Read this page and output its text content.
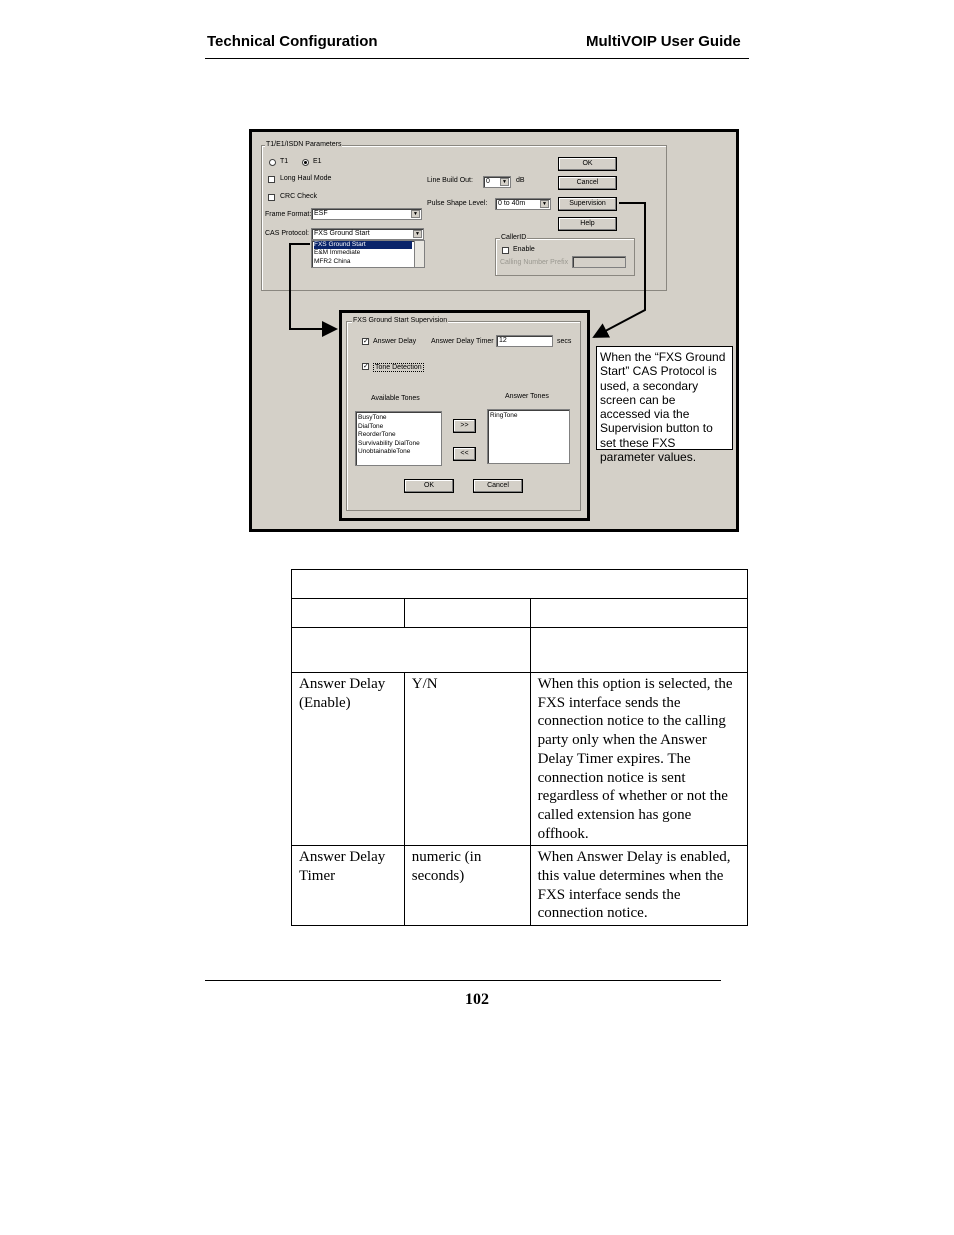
Technical Configuration	MultiVOIP User Guide
T1/E1/ISDN Parameters
T1	E1
Long Haul Mode
CRC Check
Frame Format: ESF	▼
CAS Protocol: FXS Ground Start	▼
FXS Ground Start
E&M Immediate
MFR2 China
Line Build Out:	0	▼ dB
Pulse Shape Level:	0 to 40m	▼
OK
Cancel
Supervision
Help
CallerID
Enable
Calling Number Prefix
FXS Ground Start Supervision
✓ Answer Delay Answer Delay Timer 12	secs
✓ Tone Detection
Available Tones	Answer Tones
BusyTone
DialTone
ReorderTone
Survivability DialTone
UnobtainableTone
RingTone
>>
<<
OK	Cancel
When the “FXS Ground Start” CAS Protocol is used, a secondary screen can be accessed via the Supervision button to set these FXS parameter values.

Answer Delay (Enable)	Y/N	When this option is selected, the FXS interface sends the connection notice to the calling party only when the Answer Delay Timer expires. The connection notice is sent regardless of whether or not the called extension has gone offhook.
Answer Delay Timer	numeric (in seconds)	When Answer Delay is enabled, this value determines when the FXS interface sends the connection notice.
102
